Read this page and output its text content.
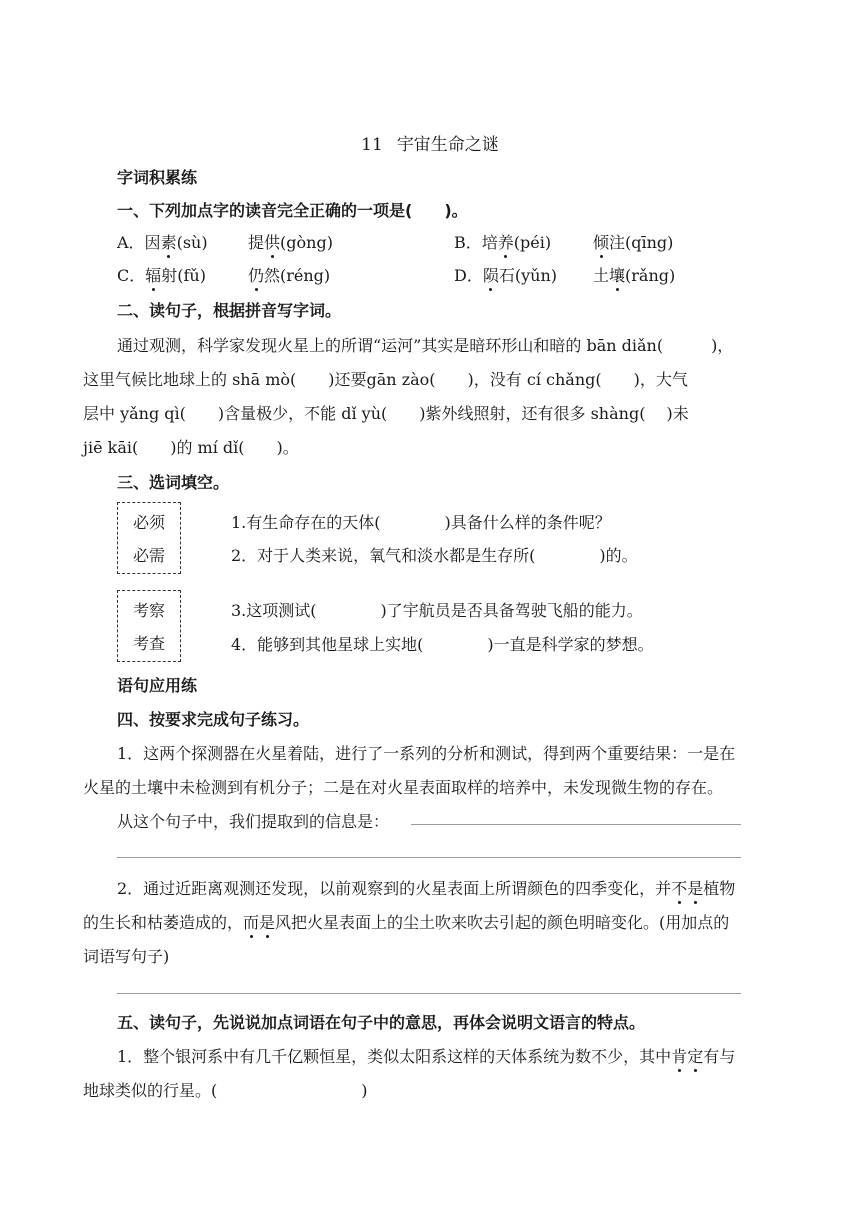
11 宇宙生命之谜
字词积累练
一、下列加点字的读音完全正确的一项是(　　)。
A．因素(sù)	提供(gòng)	B．培养(péi)	倾注(qīng)
C．辐射(fǔ)	仍然(réng)	D．陨石(yǔn) 土壤(rǎng)
二、读句子，根据拼音写字词。
通过观测，科学家发现火星上的所谓“运河”其实是暗环形山和暗的 bān diǎn(　　　)，
这里气候比地球上的 shā mò(　　)还要gān zào(　　)，没有 cí chǎng(　　)，大气
层中 yǎng qì(　　)含量极少，不能 dǐ yù(　　)紫外线照射，还有很多 shàng(　 )未
jiē kāi(　　)的 mí dǐ(　　)。
三、选词填空。
必须
必需
1.有生命存在的天体(　　　　)具备什么样的条件呢？
2．对于人类来说，氧气和淡水都是生存所(　　　　)的。
考察
考查
3.这项测试(　　　　)了宇航员是否具备驾驶飞船的能力。
4．能够到其他星球上实地(　　　　)一直是科学家的梦想。
语句应用练
四、按要求完成句子练习。
1．这两个探测器在火星着陆，进行了一系列的分析和测试，得到两个重要结果：一是在
火星的土壤中未检测到有机分子；二是在对火星表面取样的培养中，未发现微生物的存在。
从这个句子中，我们提取到的信息是：
2．通过近距离观测还发现，以前观察到的火星表面上所谓颜色的四季变化，并不是植物
的生长和枯萎造成的，而是风把火星表面上的尘土吹来吹去引起的颜色明暗变化。(用加点的
词语写句子)
五、读句子，先说说加点词语在句子中的意思，再体会说明文语言的特点。
1．整个银河系中有几千亿颗恒星，类似太阳系这样的天体系统为数不少，其中肯定有与
地球类似的行星。(　　　　　　　　　)
